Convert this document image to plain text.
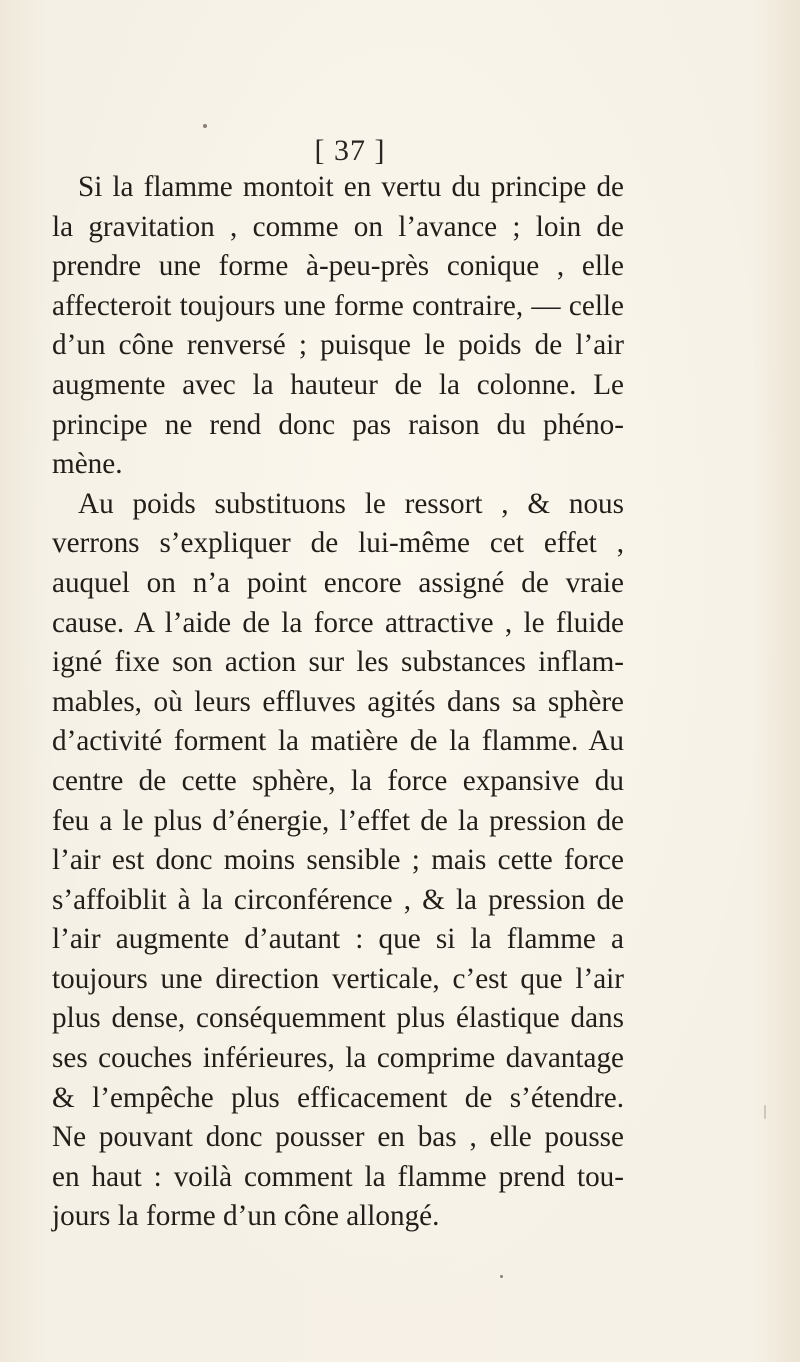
[ 37 ]
Si la flamme montoit en vertu du principe de
la gravitation , comme on l’avance ; loin de
prendre une forme à-peu-près conique , elle
affecteroit toujours une forme contraire, — celle
d’un cône renversé ; puisque le poids de l’air
augmente avec la hauteur de la colonne. Le
principe ne rend donc pas raison du phéno-
mène.
Au poids substituons le ressort , & nous
verrons s’expliquer de lui-même cet effet ,
auquel on n’a point encore assigné de vraie
cause. A l’aide de la force attractive , le fluide
igné fixe son action sur les substances inflam-
mables, où leurs effluves agités dans sa sphère
d’activité forment la matière de la flamme. Au
centre de cette sphère, la force expansive du
feu a le plus d’énergie, l’effet de la pression de
l’air est donc moins sensible ; mais cette force
s’affoiblit à la circonférence , & la pression de
l’air augmente d’autant : que si la flamme a
toujours une direction verticale, c’est que l’air
plus dense, conséquemment plus élastique dans
ses couches inférieures, la comprime davantage
& l’empêche plus efficacement de s’étendre.
Ne pouvant donc pousser en bas , elle pousse
en haut : voilà comment la flamme prend tou-
jours la forme d’un cône allongé.
